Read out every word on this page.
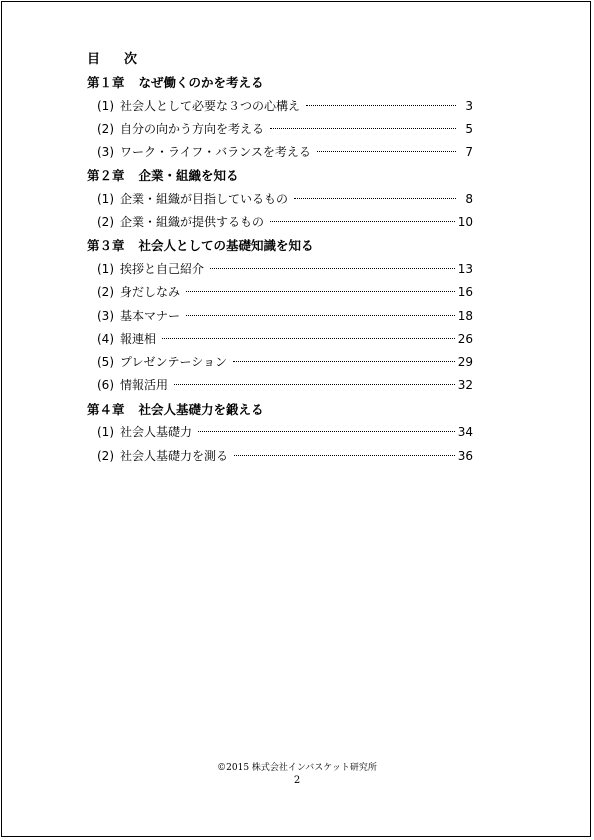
目 次
第１章 なぜ働くのかを考える
(1) 社会人として必要な３つの心構え	3
(2) 自分の向かう方向を考える	5
(3) ワーク・ライフ・バランスを考える	7
第２章 企業・組織を知る
(1) 企業・組織が目指しているもの	8
(2) 企業・組織が提供するもの	10
第３章 社会人としての基礎知識を知る
(1) 挨拶と自己紹介	13
(2) 身だしなみ	16
(3) 基本マナー	18
(4) 報連相	26
(5) プレゼンテーション	29
(6) 情報活用	32
第４章 社会人基礎力を鍛える
(1) 社会人基礎力	34
(2) 社会人基礎力を測る	36
©2015 株式会社インバスケット研究所
2
